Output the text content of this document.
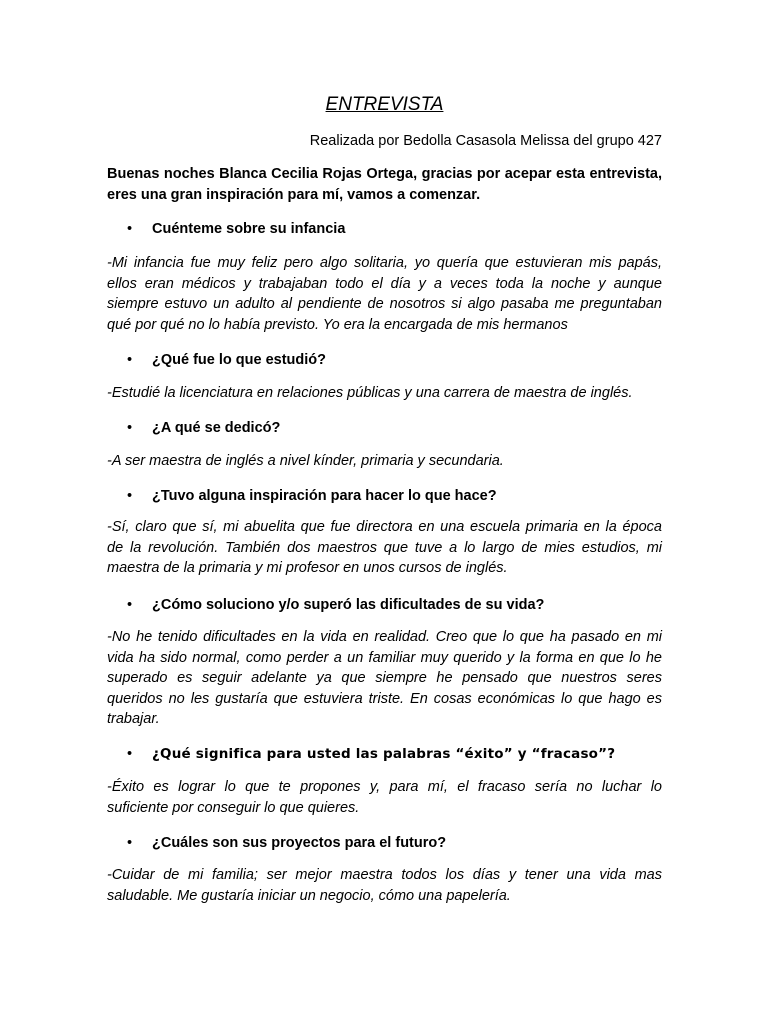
ENTREVISTA

Realizada por Bedolla Casasola Melissa del grupo 427

Buenas noches Blanca Cecilia Rojas Ortega, gracias por acepar esta entrevista, eres una gran inspiración para mí, vamos a comenzar.

• Cuénteme sobre su infancia
-Mi infancia fue muy feliz pero algo solitaria, yo quería que estuvieran mis papás,
ellos eran médicos y trabajaban todo el día y a veces toda la noche y aunque
siempre estuvo un adulto al pendiente de nosotros si algo pasaba me preguntaban
qué por qué no lo había previsto. Yo era la encargada de mis hermanos
• ¿Qué fue lo que estudió?
-Estudié la licenciatura en relaciones públicas y una carrera de maestra de inglés.
• ¿A qué se dedicó?
-A ser maestra de inglés a nivel kínder, primaria y secundaria.
• ¿Tuvo alguna inspiración para hacer lo que hace?
-Sí, claro que sí, mi abuelita que fue directora en una escuela primaria en la época
de la revolución. También dos maestros que tuve a lo largo de mies estudios, mi
maestra de la primaria y mi profesor en unos cursos de inglés.
• ¿Cómo soluciono y/o superó las dificultades de su vida?
-No he tenido dificultades en la vida en realidad. Creo que lo que ha pasado en mi
vida ha sido normal, como perder a un familiar muy querido y la forma en que lo he
superado es seguir adelante ya que siempre he pensado que nuestros seres
queridos no les gustaría que estuviera triste. En cosas económicas lo que hago es
trabajar.
• ¿Qué significa para usted las palabras “éxito” y “fracaso”?
-Éxito es lograr lo que te propones y, para mí, el fracaso sería no luchar lo
suficiente por conseguir lo que quieres.
• ¿Cuáles son sus proyectos para el futuro?
-Cuidar de mi familia; ser mejor maestra todos los días y tener una vida mas
saludable. Me gustaría iniciar un negocio, cómo una papelería.
